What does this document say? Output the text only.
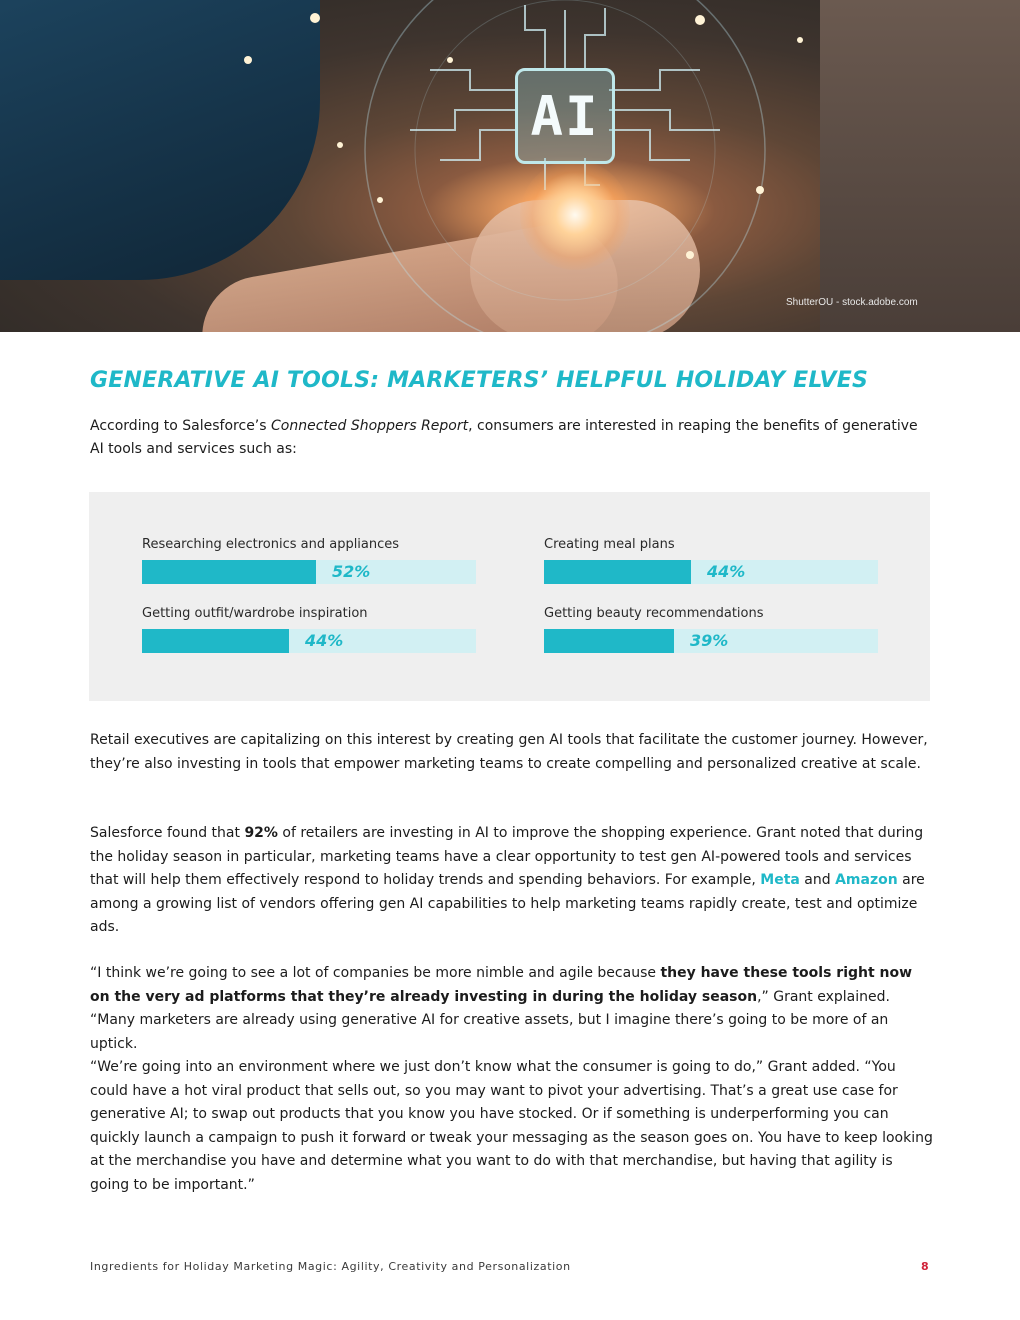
AI
ShutterOU - stock.adobe.com
GENERATIVE AI TOOLS: MARKETERS’ HELPFUL HOLIDAY ELVES

According to Salesforce’s Connected Shoppers Report, consumers are interested in reaping the benefits of generative AI tools and services such as:

Researching electronics and appliances
52%
Creating meal plans
44%
Getting outfit/wardrobe inspiration
44%
Getting beauty recommendations
39%

Retail executives are capitalizing on this interest by creating gen AI tools that facilitate the customer journey. However, they’re also investing in tools that empower marketing teams to create compelling and personalized creative at scale.

Salesforce found that 92% of retailers are investing in AI to improve the shopping experience. Grant noted that during the holiday season in particular, marketing teams have a clear opportunity to test gen AI-powered tools and services that will help them effectively respond to holiday trends and spending behaviors. For example, Meta and Amazon are among a growing list of vendors offering gen AI capabilities to help marketing teams rapidly create, test and optimize ads.

“I think we’re going to see a lot of companies be more nimble and agile because they have these tools right now on the very ad platforms that they’re already investing in during the holiday season,” Grant explained. “Many marketers are already using generative AI for creative assets, but I imagine there’s going to be more of an uptick.

“We’re going into an environment where we just don’t know what the consumer is going to do,” Grant added. “You could have a hot viral product that sells out, so you may want to pivot your advertising. That’s a great use case for generative AI; to swap out products that you know you have stocked. Or if something is underperforming you can quickly launch a campaign to push it forward or tweak your messaging as the season goes on. You have to keep looking at the merchandise you have and determine what you want to do with that merchandise, but having that agility is going to be important.”

Ingredients for Holiday Marketing Magic: Agility, Creativity and Personalization	8
